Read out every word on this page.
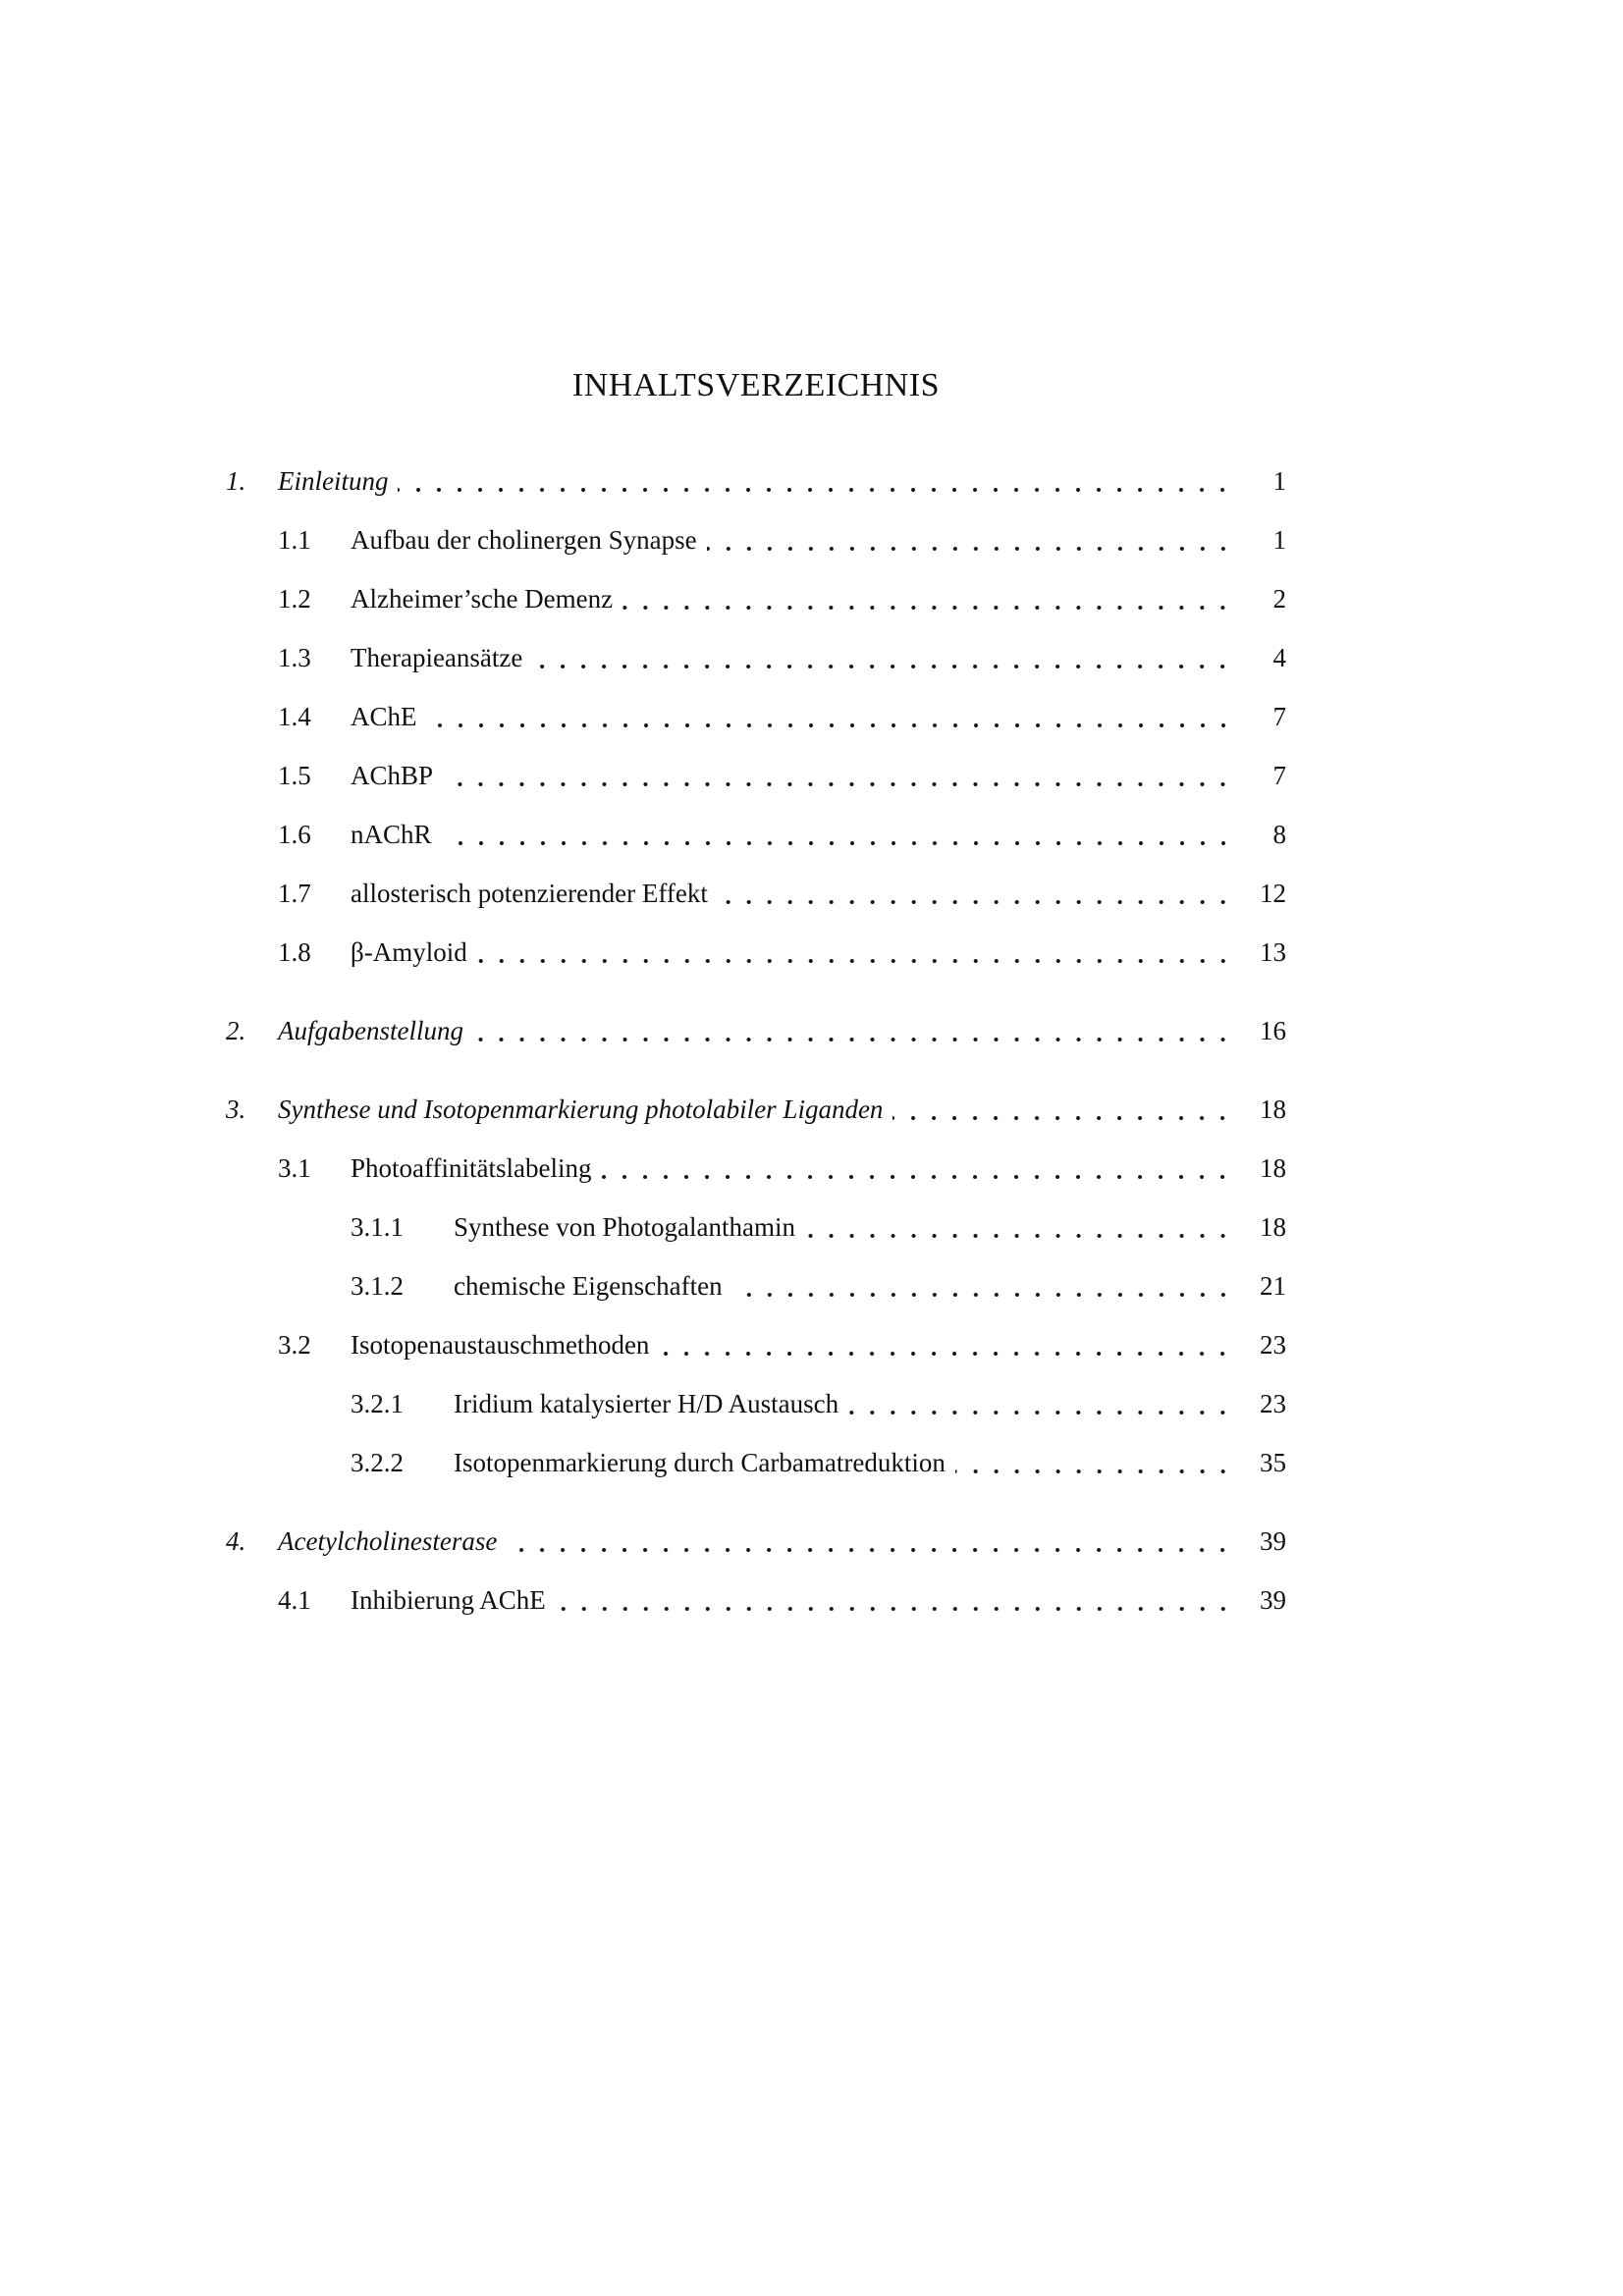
INHALTSVERZEICHNIS
1.	Einleitung	1
1.1	Aufbau der cholinergen Synapse	1
1.2	Alzheimer’sche Demenz	2
1.3	Therapieansätze	4
1.4	AChE	7
1.5	AChBP	7
1.6	nAChR	8
1.7	allosterisch potenzierender Effekt	12
1.8	β-Amyloid	13
2.	Aufgabenstellung	16
3.	Synthese und Isotopenmarkierung photolabiler Liganden	18
3.1	Photoaffinitätslabeling	18
3.1.1	Synthese von Photogalanthamin	18
3.1.2	chemische Eigenschaften	21
3.2	Isotopenaustauschmethoden	23
3.2.1	Iridium katalysierter H/D Austausch	23
3.2.2	Isotopenmarkierung durch Carbamatreduktion	35
4.	Acetylcholinesterase	39
4.1	Inhibierung AChE	39
